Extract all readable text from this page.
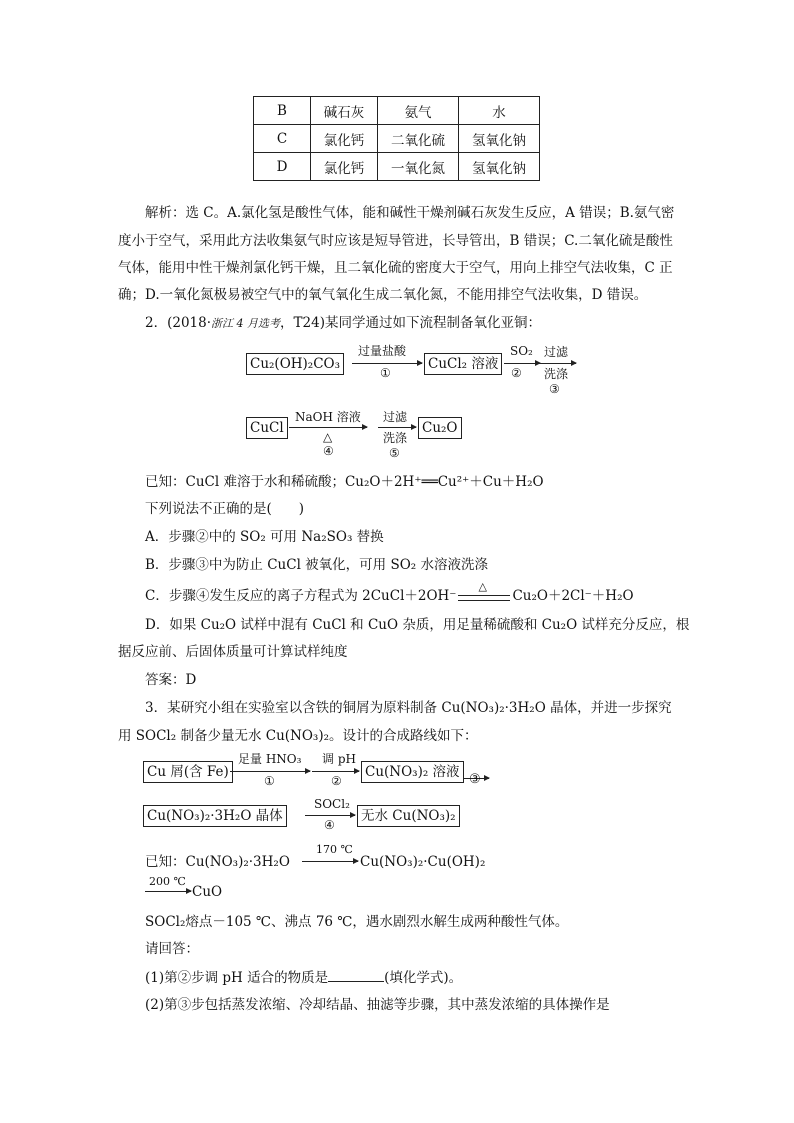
B	碱石灰	氨气	水
C	氯化钙	二氧化硫	氢氧化钠
D	氯化钙	一氧化氮	氢氧化钠
解析：选 C。A.氯化氢是酸性气体，能和碱性干燥剂碱石灰发生反应，A 错误；B.氨气密
度小于空气，采用此方法收集氨气时应该是短导管进，长导管出，B 错误；C.二氧化硫是酸性
气体，能用中性干燥剂氯化钙干燥，且二氧化硫的密度大于空气，用向上排空气法收集，C 正
确；D.一氧化氮极易被空气中的氧气氧化生成二氧化氮，不能用排空气法收集，D 错误。
2．(2018·浙江 4 月选考，T24)某同学通过如下流程制备氧化亚铜：
Cu₂(OH)₂CO₃
过量盐酸
①
CuCl₂ 溶液
SO₂
②
过滤
洗涤
③
CuCl
NaOH 溶液
△
④
过滤
洗涤
⑤
Cu₂O
已知：CuCl 难溶于水和稀硫酸；Cu₂O＋2H⁺══Cu²⁺＋Cu＋H₂O
下列说法不正确的是(　　)
A．步骤②中的 SO₂ 可用 Na₂SO₃ 替换
B．步骤③中为防止 CuCl 被氧化，可用 SO₂ 水溶液洗涤
C．步骤④发生反应的离子方程式为 2CuCl＋2OH⁻
△
Cu₂O＋2Cl⁻＋H₂O
D．如果 Cu₂O 试样中混有 CuCl 和 CuO 杂质，用足量稀硫酸和 Cu₂O 试样充分反应，根
据反应前、后固体质量可计算试样纯度
答案：D
3．某研究小组在实验室以含铁的铜屑为原料制备 Cu(NO₃)₂·3H₂O 晶体，并进一步探究
用 SOCl₂ 制备少量无水 Cu(NO₃)₂。设计的合成路线如下：
Cu 屑(含 Fe)
足量 HNO₃
①
调 pH
②
Cu(NO₃)₂ 溶液 →
③
Cu(NO₃)₂·3H₂O 晶体
SOCl₂
④
无水 Cu(NO₃)₂
已知：Cu(NO₃)₂·3H₂O
170 ℃
→ Cu(NO₃)₂·Cu(OH)₂
200 ℃
→ CuO
SOCl₂熔点－105 ℃、沸点 76 ℃，遇水剧烈水解生成两种酸性气体。
请回答：
(1)第②步调 pH 适合的物质是	(填化学式)。
(2)第③步包括蒸发浓缩、冷却结晶、抽滤等步骤，其中蒸发浓缩的具体操作是
